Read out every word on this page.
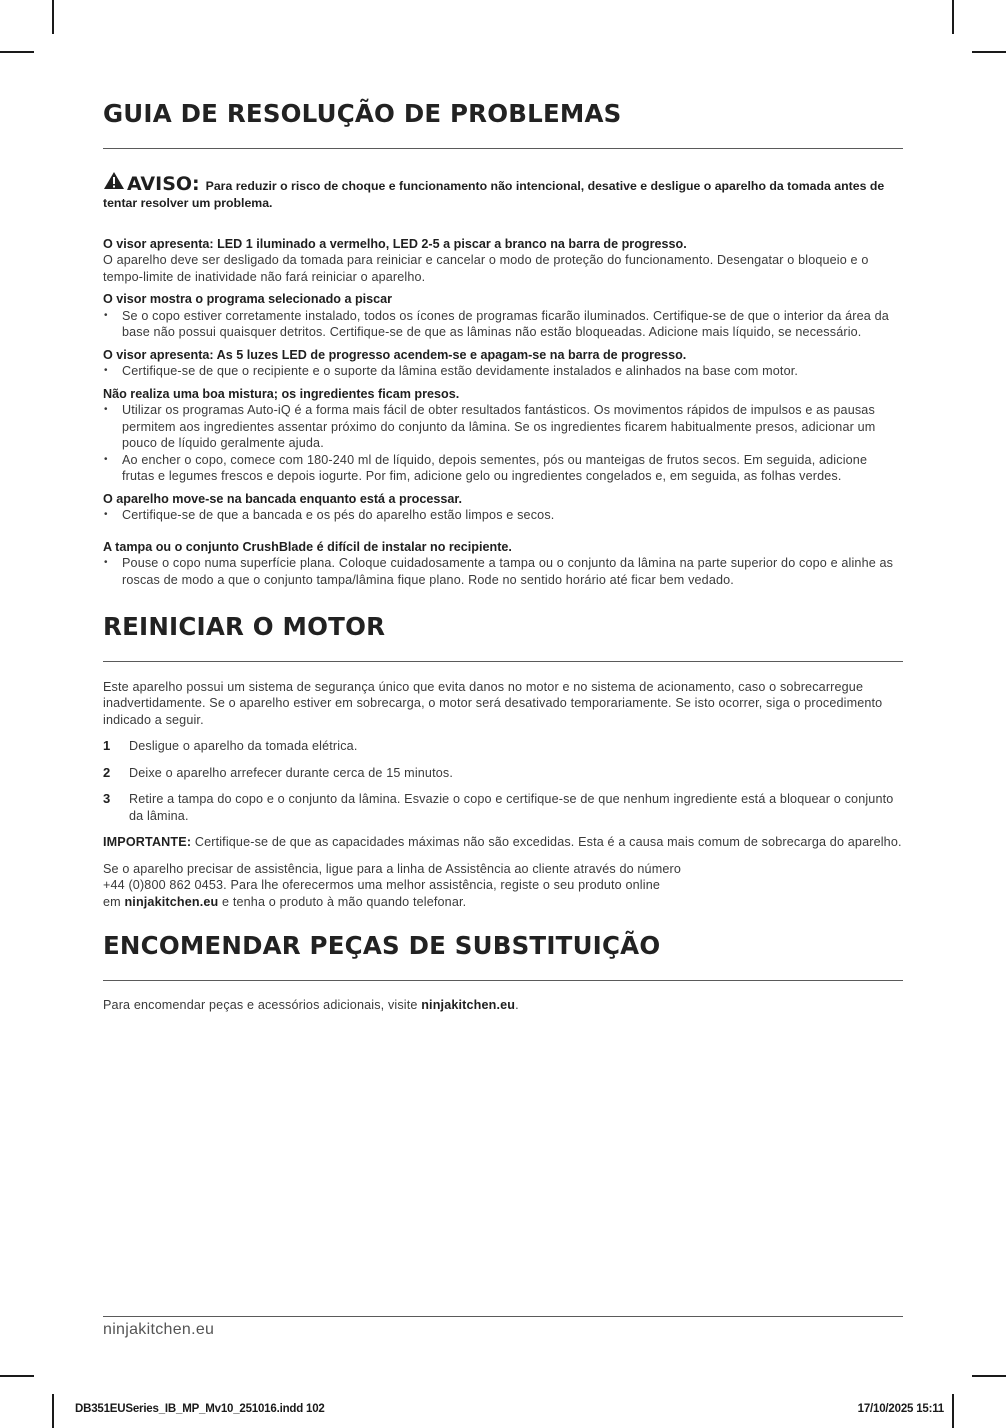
GUIA DE RESOLUÇÃO DE PROBLEMAS
AVISO: Para reduzir o risco de choque e funcionamento não intencional, desative e desligue o aparelho da tomada antes de tentar resolver um problema.
O visor apresenta: LED 1 iluminado a vermelho, LED 2-5 a piscar a branco na barra de progresso.
O aparelho deve ser desligado da tomada para reiniciar e cancelar o modo de proteção do funcionamento. Desengatar o bloqueio e o tempo-limite de inatividade não fará reiniciar o aparelho.
O visor mostra o programa selecionado a piscar
• Se o copo estiver corretamente instalado, todos os ícones de programas ficarão iluminados. Certifique-se de que o interior da área da base não possui quaisquer detritos. Certifique-se de que as lâminas não estão bloqueadas. Adicione mais líquido, se necessário.
O visor apresenta: As 5 luzes LED de progresso acendem-se e apagam-se na barra de progresso.
• Certifique-se de que o recipiente e o suporte da lâmina estão devidamente instalados e alinhados na base com motor.
Não realiza uma boa mistura; os ingredientes ficam presos.
• Utilizar os programas Auto-iQ é a forma mais fácil de obter resultados fantásticos. Os movimentos rápidos de impulsos e as pausas permitem aos ingredientes assentar próximo do conjunto da lâmina. Se os ingredientes ficarem habitualmente presos, adicionar um pouco de líquido geralmente ajuda.
• Ao encher o copo, comece com 180-240 ml de líquido, depois sementes, pós ou manteigas de frutos secos. Em seguida, adicione frutas e legumes frescos e depois iogurte. Por fim, adicione gelo ou ingredientes congelados e, em seguida, as folhas verdes.
O aparelho move-se na bancada enquanto está a processar.
• Certifique-se de que a bancada e os pés do aparelho estão limpos e secos.
A tampa ou o conjunto CrushBlade é difícil de instalar no recipiente.
• Pouse o copo numa superfície plana. Coloque cuidadosamente a tampa ou o conjunto da lâmina na parte superior do copo e alinhe as roscas de modo a que o conjunto tampa/lâmina fique plano. Rode no sentido horário até ficar bem vedado.
REINICIAR O MOTOR
Este aparelho possui um sistema de segurança único que evita danos no motor e no sistema de acionamento, caso o sobrecarregue inadvertidamente. Se o aparelho estiver em sobrecarga, o motor será desativado temporariamente. Se isto ocorrer, siga o procedimento indicado a seguir.
1 Desligue o aparelho da tomada elétrica.
2 Deixe o aparelho arrefecer durante cerca de 15 minutos.
3 Retire a tampa do copo e o conjunto da lâmina. Esvazie o copo e certifique-se de que nenhum ingrediente está a bloquear o conjunto da lâmina.
IMPORTANTE: Certifique-se de que as capacidades máximas não são excedidas. Esta é a causa mais comum de sobrecarga do aparelho.
Se o aparelho precisar de assistência, ligue para a linha de Assistência ao cliente através do número
+44 (0)800 862 0453. Para lhe oferecermos uma melhor assistência, registe o seu produto online
em ninjakitchen.eu e tenha o produto à mão quando telefonar.
ENCOMENDAR PEÇAS DE SUBSTITUIÇÃO
Para encomendar peças e acessórios adicionais, visite ninjakitchen.eu.
ninjakitchen.eu
DB351EUSeries_IB_MP_Mv10_251016.indd 102	17/10/2025 15:11
